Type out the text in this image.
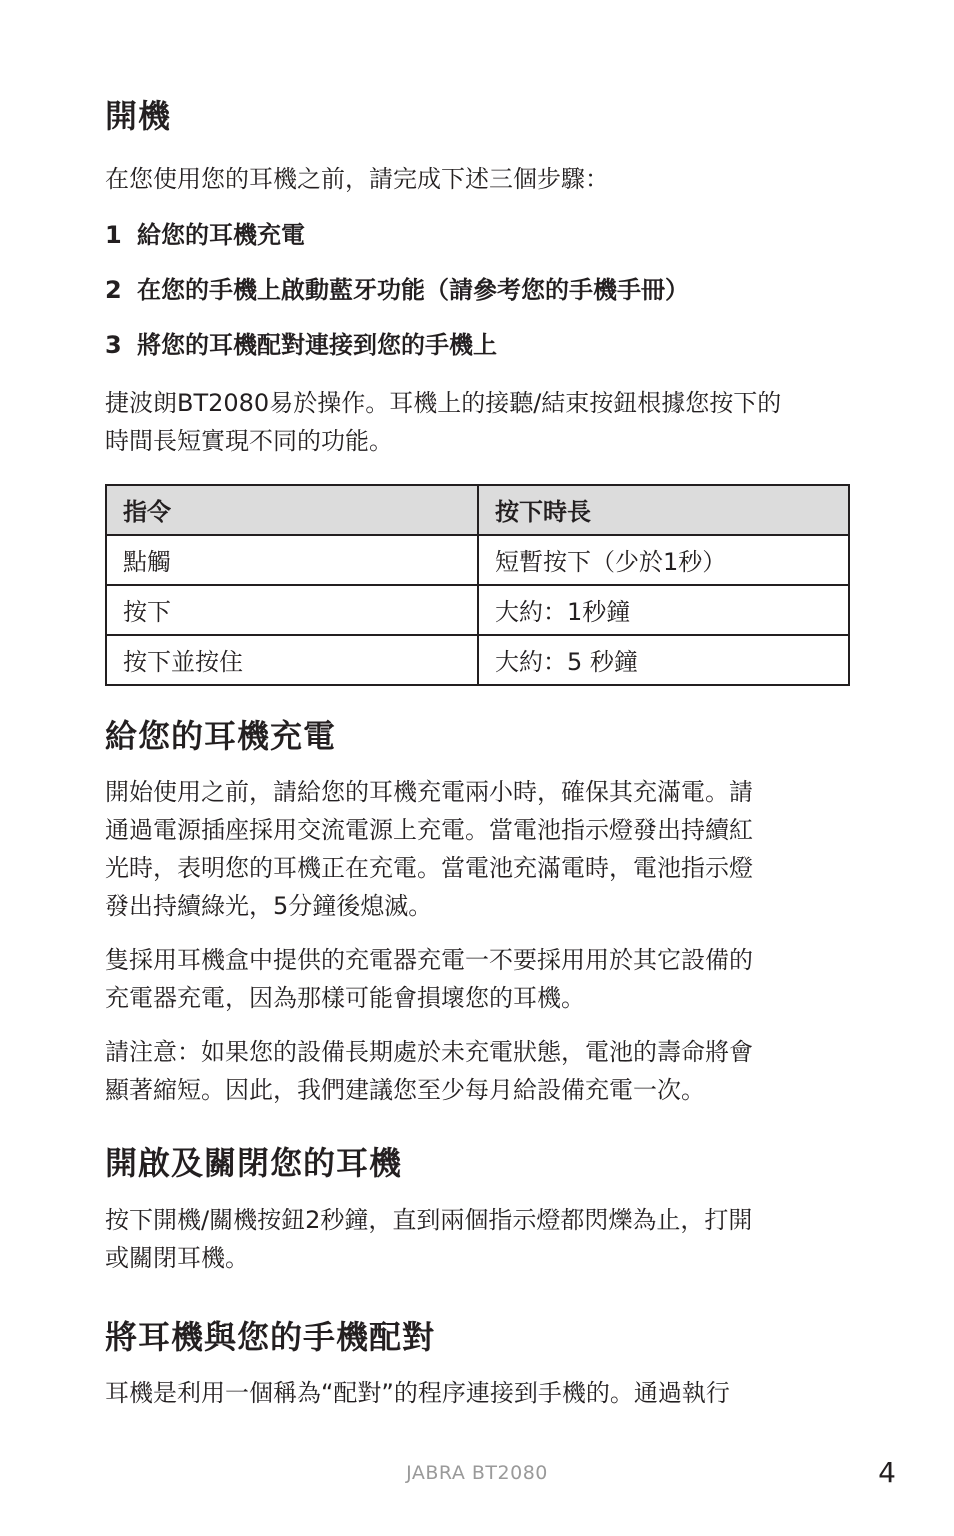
開機

在您使用您的耳機之前，請完成下述三個步驟：

1 給您的耳機充電
2 在您的手機上啟動藍牙功能（請參考您的手機手冊）
3 將您的耳機配對連接到您的手機上

捷波朗BT2080易於操作。耳機上的接聽/結束按鈕根據您按下的
時間長短實現不同的功能。

指令	按下時長
點觸	短暫按下（少於1秒）
按下	大約：1秒鐘
按下並按住	大約：5 秒鐘
給您的耳機充電

開始使用之前，請給您的耳機充電兩小時，確保其充滿電。請
通過電源插座採用交流電源上充電。當電池指示燈發出持續紅
光時，表明您的耳機正在充電。當電池充滿電時，電池指示燈
發出持續綠光，5分鐘後熄滅。

隻採用耳機盒中提供的充電器充電一不要採用用於其它設備的
充電器充電，因為那樣可能會損壞您的耳機。

請注意：如果您的設備長期處於未充電狀態，電池的壽命將會
顯著縮短。因此，我們建議您至少每月給設備充電一次。

開啟及關閉您的耳機

按下開機/關機按鈕2秒鐘，直到兩個指示燈都閃爍為止，打開
或關閉耳機。

將耳機與您的手機配對

耳機是利用一個稱為“配對”的程序連接到手機的。通過執行

JABRA BT2080	4
